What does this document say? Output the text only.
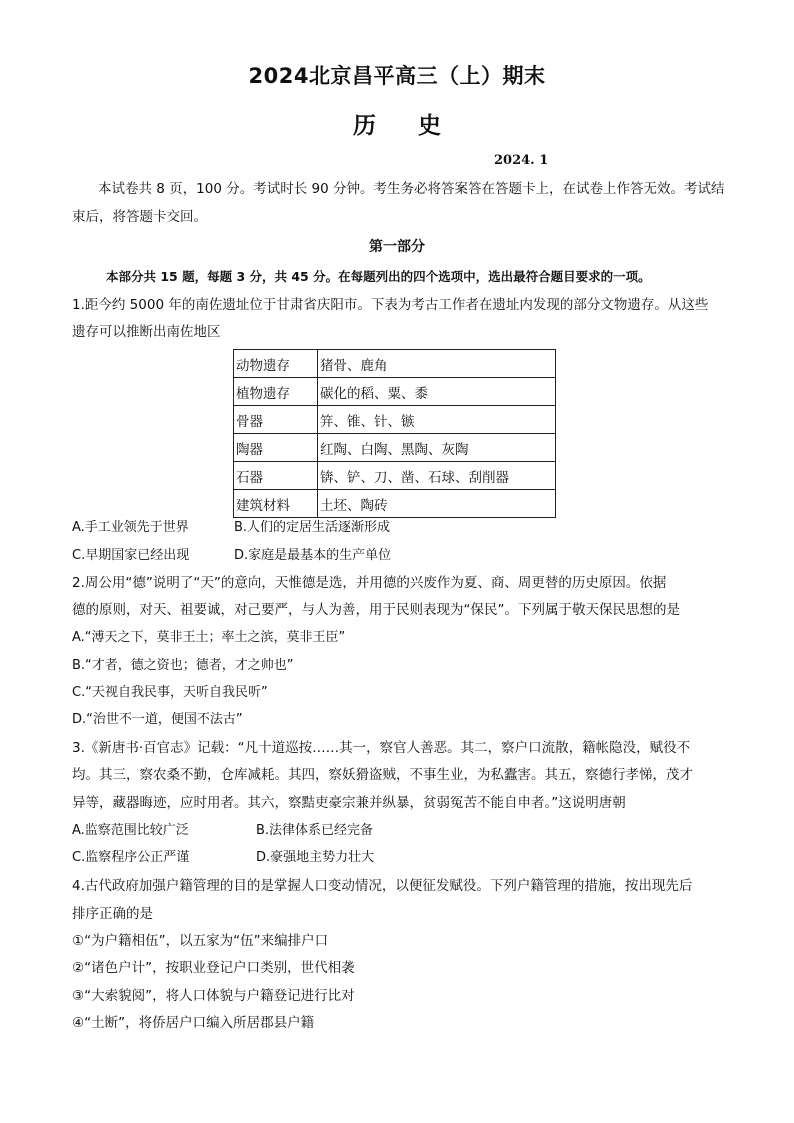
2024北京昌平高三（上）期末
历 史
2024. 1
本试卷共 8 页，100 分。考试时长 90 分钟。考生务必将答案答在答题卡上，在试卷上作答无效。考试结
束后，将答题卡交回。
第一部分
本部分共 15 题，每题 3 分，共 45 分。在每题列出的四个选项中，选出最符合题目要求的一项。
1.距今约 5000 年的南佐遗址位于甘肃省庆阳市。下表为考古工作者在遗址内发现的部分文物遗存。从这些
遗存可以推断出南佐地区
动物遗存	猪骨、鹿角
植物遗存	碳化的稻、粟、黍
骨器	笄、锥、针、镞
陶器	红陶、白陶、黑陶、灰陶
石器	锛、铲、刀、凿、石球、刮削器
建筑材料	土坯、陶砖
A.手工业领先于世界	B.人们的定居生活逐渐形成
C.早期国家已经出现	D.家庭是最基本的生产单位
2.周公用“德”说明了“天”的意向，天惟德是选，并用德的兴废作为夏、商、周更替的历史原因。依据
德的原则，对天、祖要诚，对己要严，与人为善，用于民则表现为“保民”。下列属于敬天保民思想的是
A.“溥天之下，莫非王土；率土之滨，莫非王臣”
B.“才者，德之资也；德者，才之帅也”
C.“天视自我民事，天听自我民听”
D.“治世不一道，便国不法古”
3.《新唐书·百官志》记载：“凡十道巡按……其一，察官人善恶。其二，察户口流散，籍帐隐没，赋役不
均。其三，察农桑不勤，仓库减耗。其四，察妖猾盗贼，不事生业，为私蠹害。其五，察德行孝悌，茂才
异等，藏器晦迹，应时用者。其六，察黠吏豪宗兼并纵暴，贫弱冤苦不能自申者。”这说明唐朝
A.监察范围比较广泛	B.法律体系已经完备
C.监察程序公正严谨	D.豪强地主势力壮大
4.古代政府加强户籍管理的目的是掌握人口变动情况，以便征发赋役。下列户籍管理的措施，按出现先后
排序正确的是
①“为户籍相伍”，以五家为“伍”来编排户口
②“诸色户计”，按职业登记户口类别，世代相袭
③“大索貌阅”，将人口体貌与户籍登记进行比对
④“土断”，将侨居户口编入所居郡县户籍
